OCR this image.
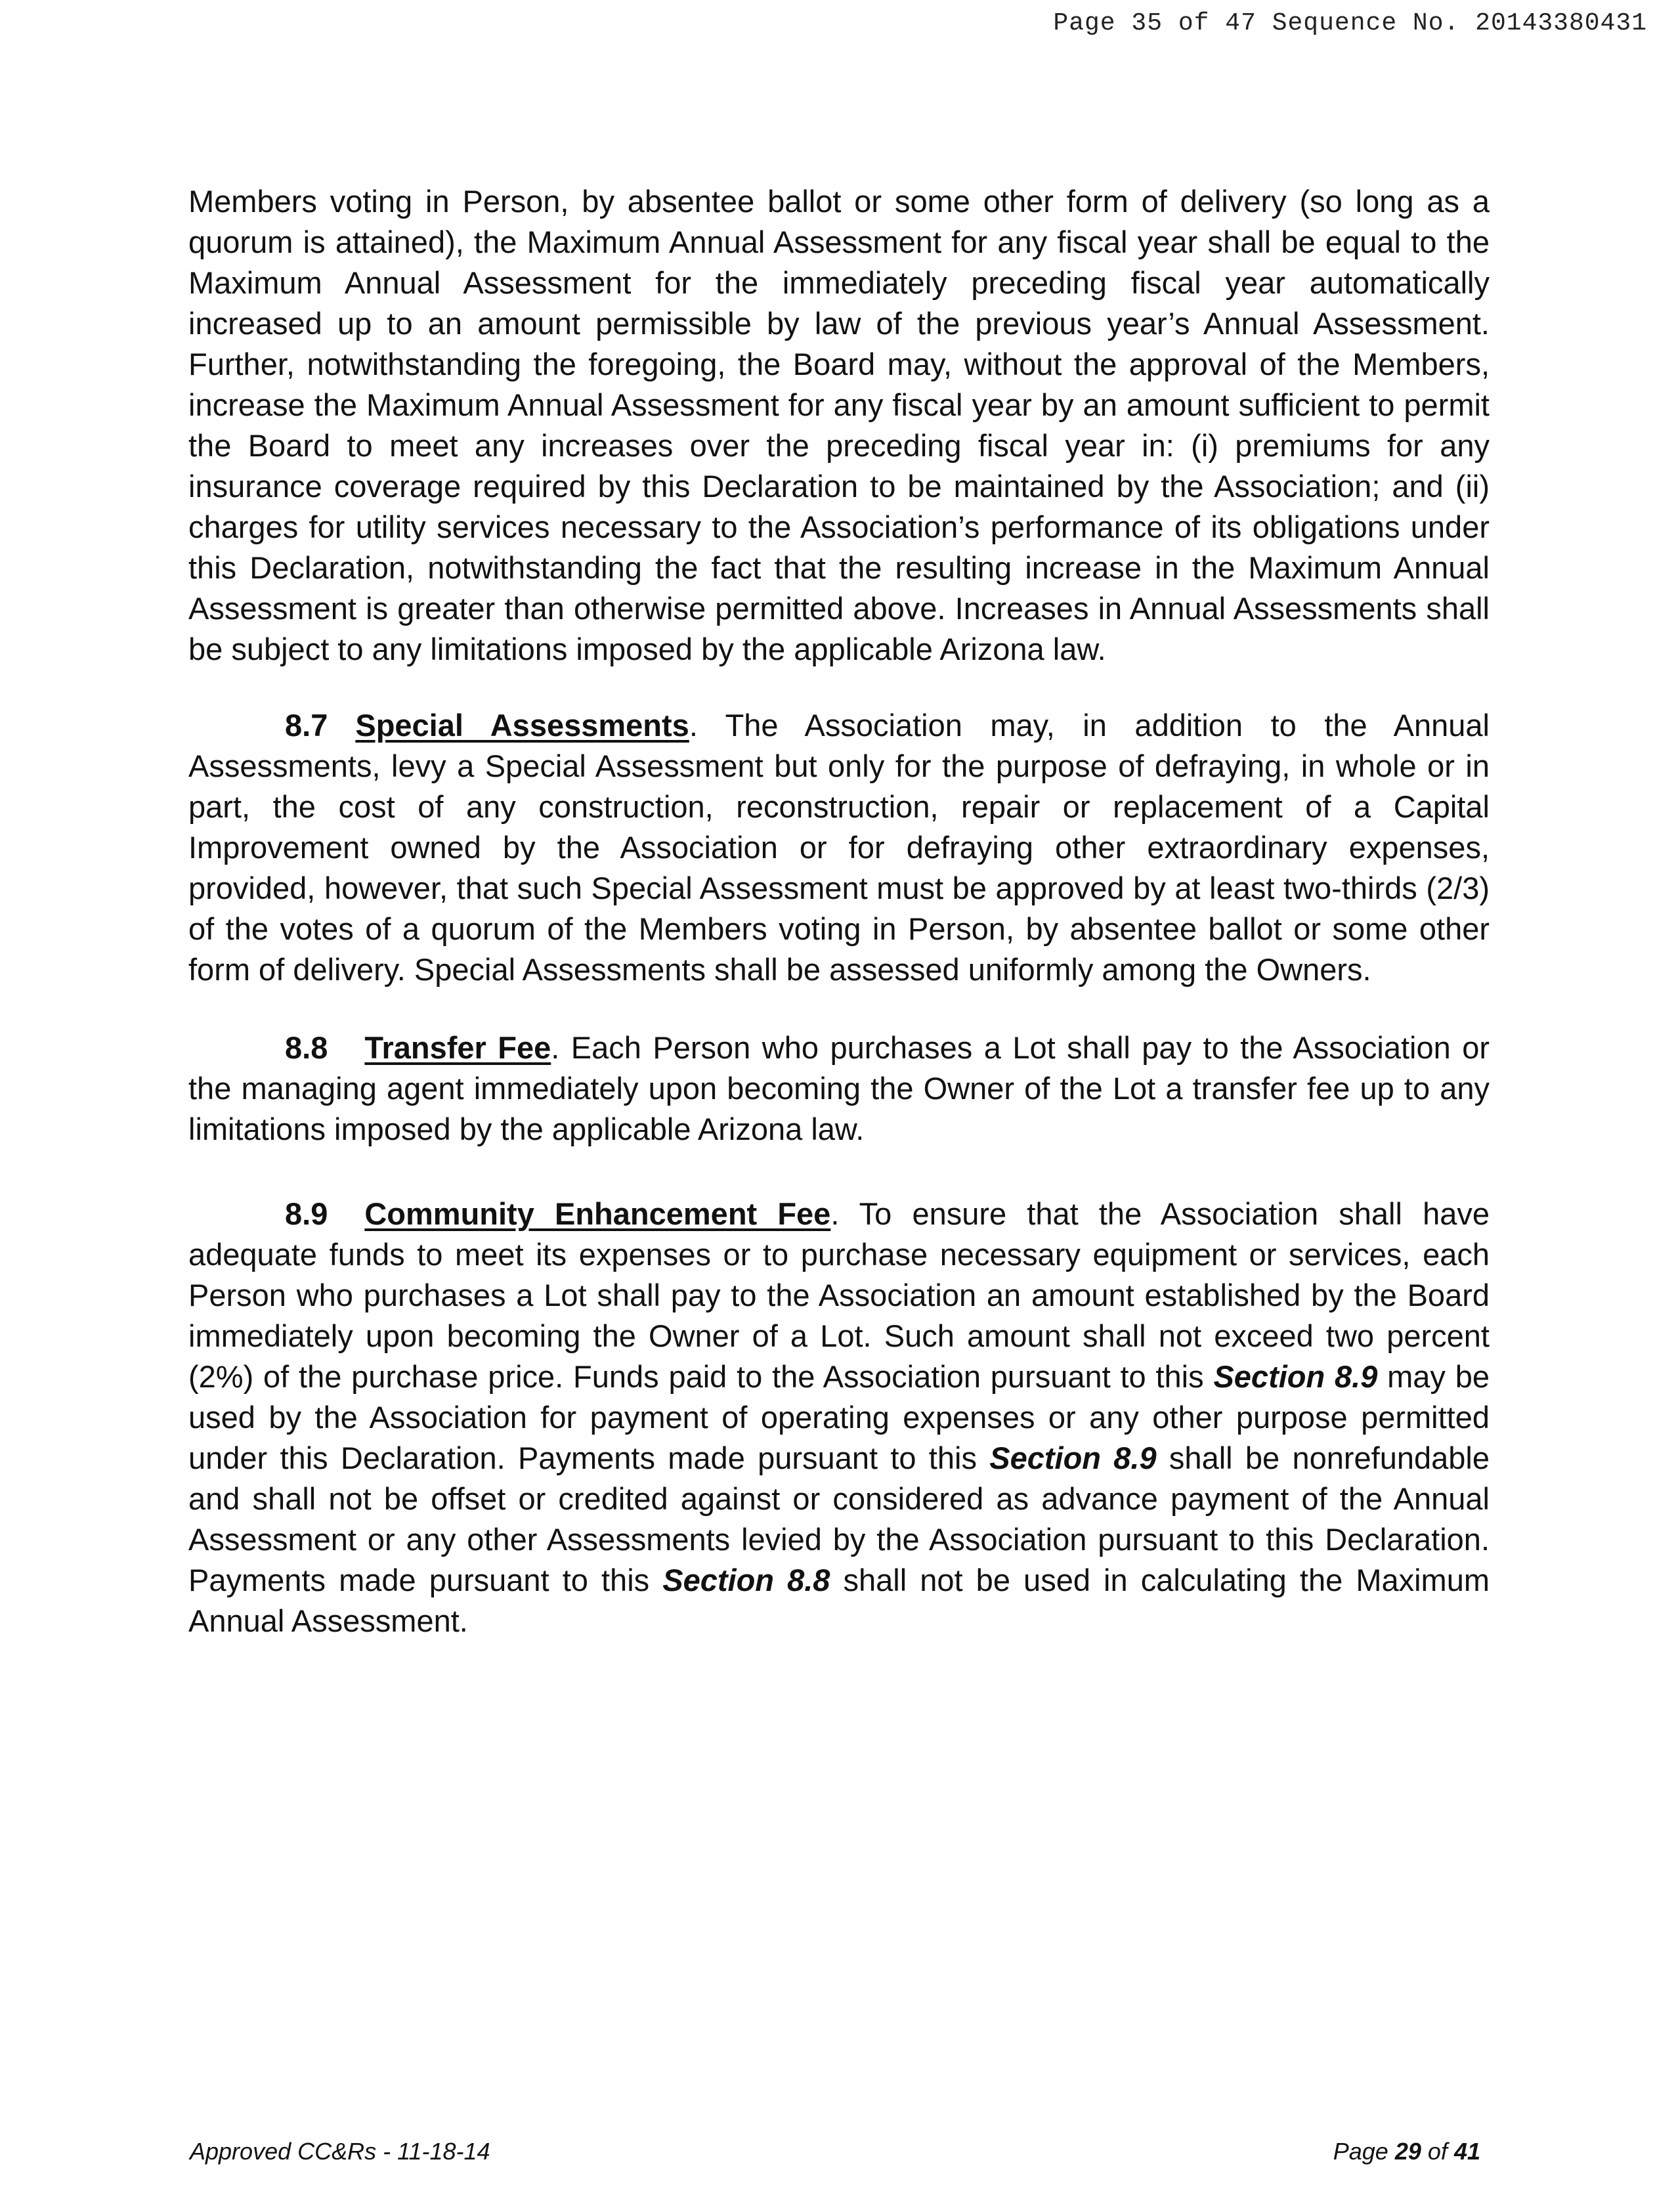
Page 35 of 47 Sequence No. 20143380431

Members voting in Person, by absentee ballot or some other form of delivery (so long as a quorum is attained), the Maximum Annual Assessment for any fiscal year shall be equal to the Maximum Annual Assessment for the immediately preceding fiscal year automatically increased up to an amount permissible by law of the previous year’s Annual Assessment. Further, notwithstanding the foregoing, the Board may, without the approval of the Members, increase the Maximum Annual Assessment for any fiscal year by an amount sufficient to permit the Board to meet any increases over the preceding fiscal year in: (i) premiums for any insurance coverage required by this Declaration to be maintained by the Association; and (ii) charges for utility services necessary to the Association’s performance of its obligations under this Declaration, notwithstanding the fact that the resulting increase in the Maximum Annual Assessment is greater than otherwise permitted above. Increases in Annual Assessments shall be subject to any limitations imposed by the applicable Arizona law.

8.7 Special Assessments. The Association may, in addition to the Annual Assessments, levy a Special Assessment but only for the purpose of defraying, in whole or in part, the cost of any construction, reconstruction, repair or replacement of a Capital Improvement owned by the Association or for defraying other extraordinary expenses, provided, however, that such Special Assessment must be approved by at least two-thirds (2/3) of the votes of a quorum of the Members voting in Person, by absentee ballot or some other form of delivery. Special Assessments shall be assessed uniformly among the Owners.

8.8 Transfer Fee. Each Person who purchases a Lot shall pay to the Association or the managing agent immediately upon becoming the Owner of the Lot a transfer fee up to any limitations imposed by the applicable Arizona law.

8.9 Community Enhancement Fee. To ensure that the Association shall have adequate funds to meet its expenses or to purchase necessary equipment or services, each Person who purchases a Lot shall pay to the Association an amount established by the Board immediately upon becoming the Owner of a Lot. Such amount shall not exceed two percent (2%) of the purchase price. Funds paid to the Association pursuant to this Section 8.9 may be used by the Association for payment of operating expenses or any other purpose permitted under this Declaration. Payments made pursuant to this Section 8.9 shall be nonrefundable and shall not be offset or credited against or considered as advance payment of the Annual Assessment or any other Assessments levied by the Association pursuant to this Declaration. Payments made pursuant to this Section 8.8 shall not be used in calculating the Maximum Annual Assessment.

Approved CC&Rs - 11-18-14	Page 29 of 41
